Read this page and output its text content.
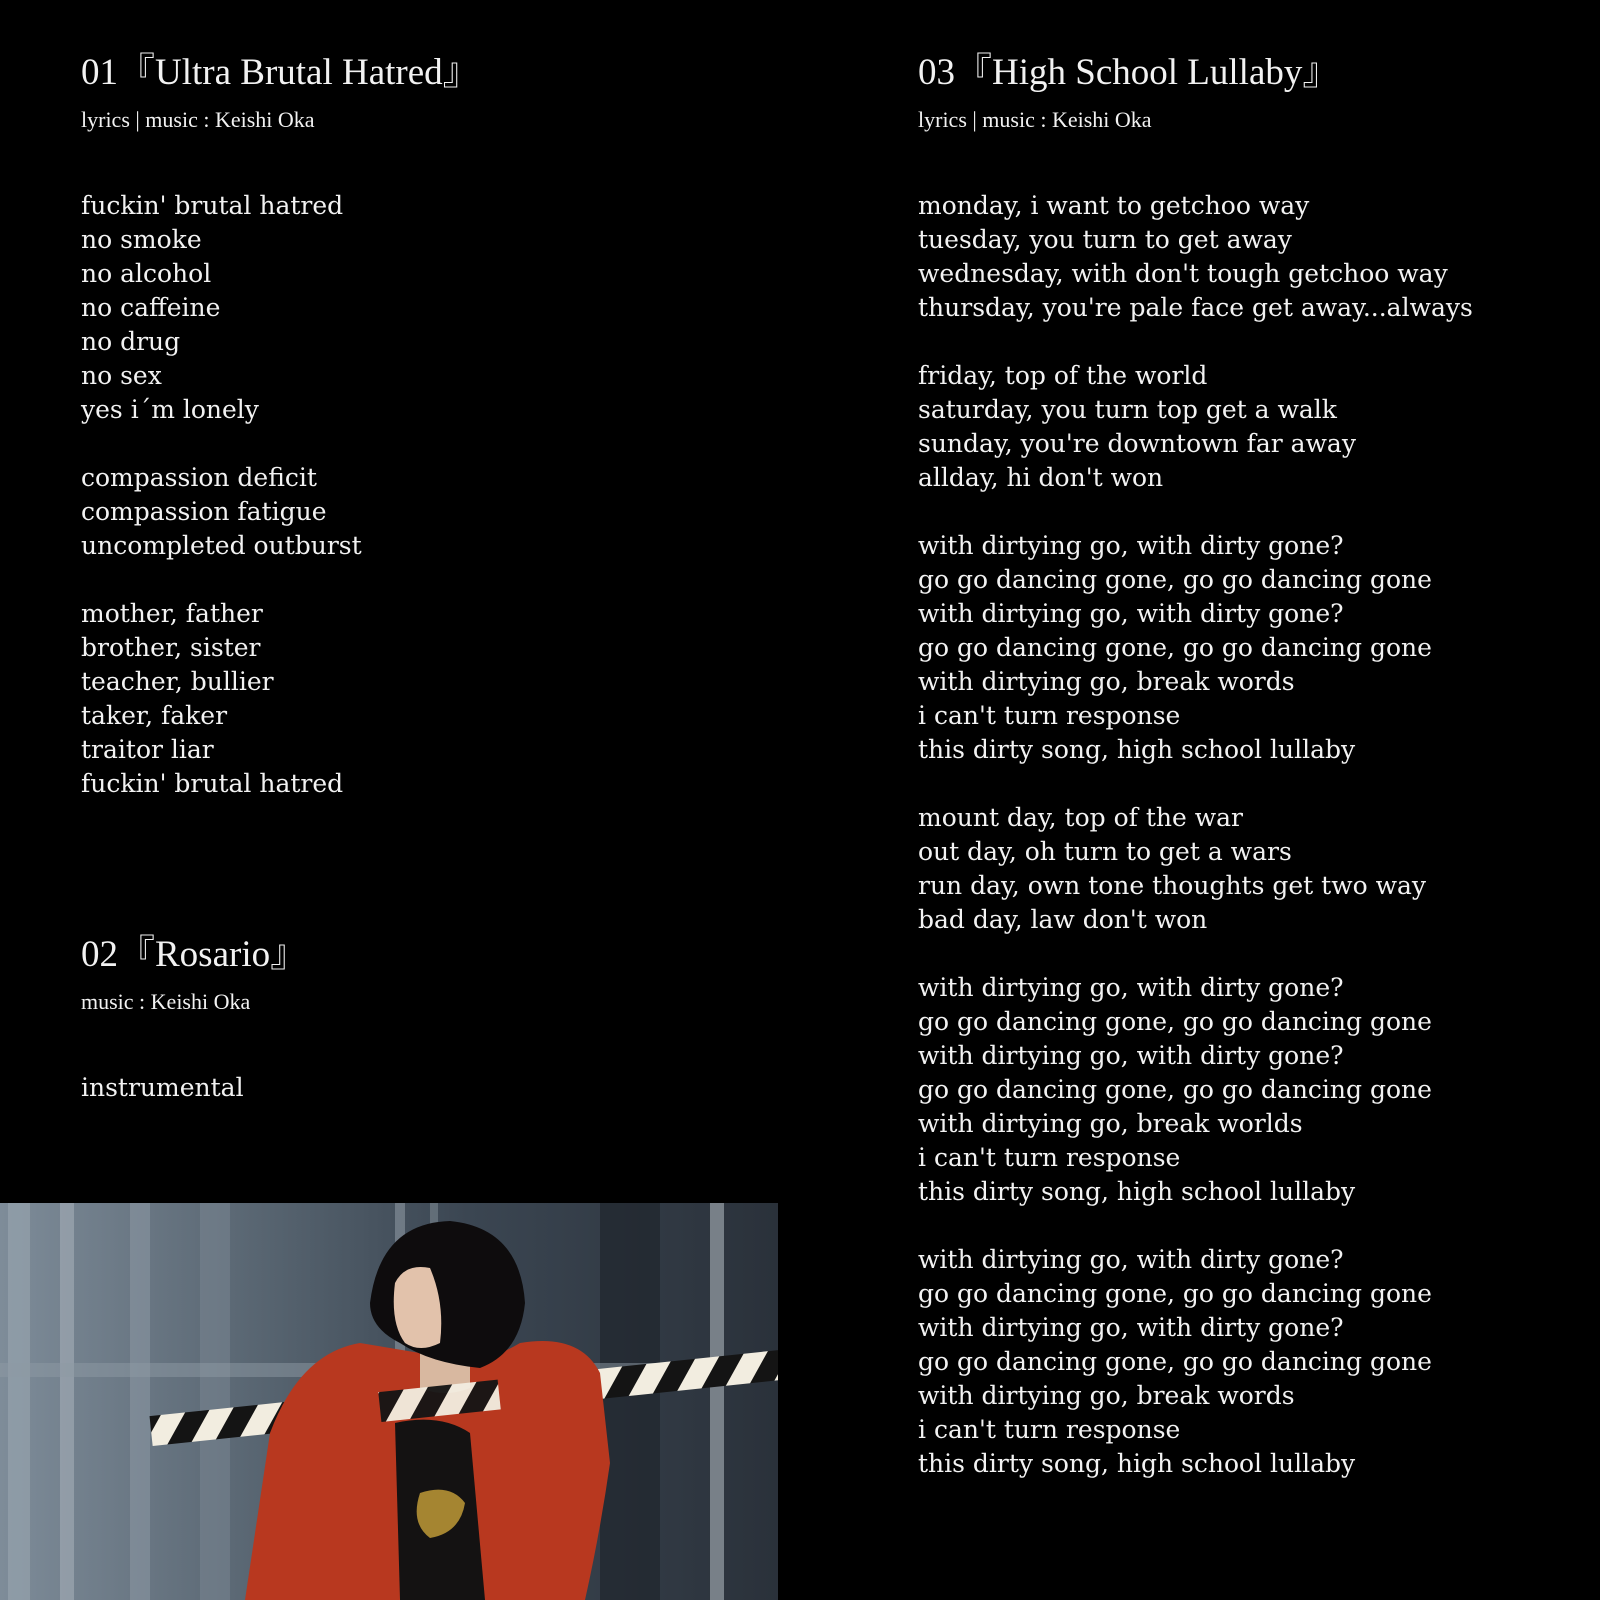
01『Ultra Brutal Hatred』
lyrics | music : Keishi Oka
fuckin' brutal hatred
no smoke
no alcohol
no caffeine
no drug
no sex
yes i´m lonely
compassion deficit
compassion fatigue
uncompleted outburst
mother, father
brother, sister
teacher, bullier
taker, faker
traitor liar
fuckin' brutal hatred
02『Rosario』
music : Keishi Oka
instrumental
03『High School Lullaby』
lyrics | music : Keishi Oka
monday, i want to getchoo way
tuesday, you turn to get away
wednesday, with don't tough getchoo way
thursday, you're pale face get away...always
friday, top of the world
saturday, you turn top get a walk
sunday, you're downtown far away
allday, hi don't won
with dirtying go, with dirty gone?
go go dancing gone, go go dancing gone
with dirtying go, with dirty gone?
go go dancing gone, go go dancing gone
with dirtying go, break words
i can't turn response
this dirty song, high school lullaby
mount day, top of the war
out day, oh turn to get a wars
run day, own tone thoughts get two way
bad day, law don't won
with dirtying go, with dirty gone?
go go dancing gone, go go dancing gone
with dirtying go, with dirty gone?
go go dancing gone, go go dancing gone
with dirtying go, break worlds
i can't turn response
this dirty song, high school lullaby
with dirtying go, with dirty gone?
go go dancing gone, go go dancing gone
with dirtying go, with dirty gone?
go go dancing gone, go go dancing gone
with dirtying go, break words
i can't turn response
this dirty song, high school lullaby
